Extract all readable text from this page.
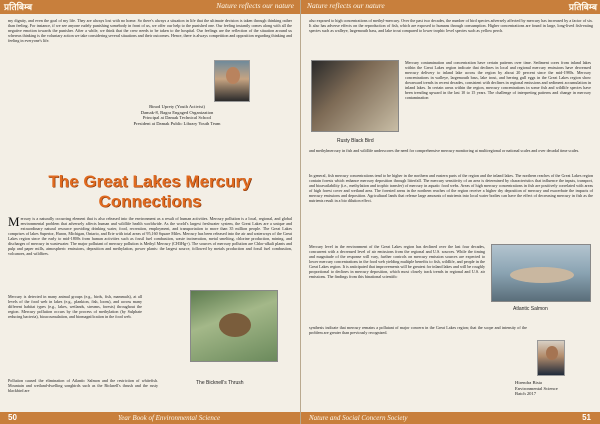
प्रतिबिम्ब	Nature reflects our nature

my dignity, and even the goal of my life. They are always lost with no home. So there's always a situation in life that the ultimate decision is taken through thinking rather than feeling. For instance, if we see anyone rudely punishing somebody in front of us, we offer our help to the punished one. Our feeling instantly comes along with all the negative emotion towards the punisher. After a while, we think that the crew needs to be taken to the hospital. Our feelings are the reflection of the situation around us whereas thinking is the voluntary action we take considering several situations and their outcomes. Hence, there is always competition and opposition regarding thinking and feeling in everyone's life.

Binod Uprety (Youth Activist)
Damak-8, Bagra Engaged Organization
Principal at Damak Technical School
President at Damak Public Library Youth Team
The Great Lakes Mercury Connections

Mercury is a naturally occurring element that is also released into the environment as a result of human activities. Mercury pollution is a local, regional, and global environmental problem that adversely affects human and wildlife health worldwide. As the world's largest freshwater system, the Great Lakes are a unique and extraordinary natural resource providing drinking water, food, recreation, employment, and transportation to more than 35 million people. The Great Lakes comprises of lakes Superior, Huron, Michigan, Ontario, and Erie with total areas of 95,160 Square Miles. Mercury has been released into the air and waterways of the Great Lakes region since the early to mid-1800s from human activities such as fossil fuel combustion, waste incineration, metal smelting, chlorine production, mining, and discharges of mercury in wastewater. The major pollutant of mercury pollution is Methyl Mercury (CH3Hg+). The sources of mercury pollution are Chlor-alkali plants and pulp and paper mills, atmospheric emissions, deposition and methylation, power plants: the largest source, followed by metals production and fossil fuel combustion, volcanoes, and wildfires.

Mercury is detected in many animal groups (e.g., birds, fish, mammals), at all levels of the food web in lakes (e.g., plankton, fish, loons), and across many different habitat types (e.g., lakes, wetlands, streams, forests) throughout the region. Mercury pollution occurs by the process of methylation (by Sulphate reducing bacteria), bioaccumulation, and biomagnification in the food web.

Pollution caused the elimination of Atlantic Salmon and the restriction of whitefish. Mountain and wetland-dwelling songbirds such as the Bicknell's thrush and the rusty blackbird are

The Bicknell's Thrush
50	Year Book of Environmental Science
Nature reflects our nature	प्रतिबिम्ब

also exposed to high concentrations of methyl-mercury. Over the past two decades, the number of bird species adversely affected by mercury has increased by a factor of six. It also has adverse effects on the reproduction of fish, which are exposed to humans through consumption. Higher concentrations are found in large, long-lived fish-eating species such as walleye, largemouth bass, and lake trout compared to lower trophic level species such as yellow perch.

Rusty Black Bird

Mercury contamination and concentration have certain patterns over time. Sediment cores from inland lakes within the Great Lakes region indicate that declines in local and regional mercury emissions have decreased mercury delivery to inland lake across the region by about 20 percent since the mid-1980s. Mercury concentrations in walleye, largemouth bass, lake trout, and herring gull eggs in the Great Lakes region show downward trends in recent decades, consistent with declines in regional emissions and sediment accumulation in inland lakes. In certain areas within the region, mercury concentrations in some fish and wildlife species have been trending upward in the last 10 to 15 years. The challenge of interpreting patterns and change in mercury contamination

and methylmercury in fish and wildlife underscores the need for comprehensive mercury monitoring at multiregional or national scales and over decadal time scales.

In general, fish mercury concentrations tend to be higher in the northern and eastern parts of the region and the inland lakes. The northern reaches of the Great Lakes region contain forests which enhance mercury deposition through litterfall. The mercury sensitivity of an area is determined by characteristics that influence the inputs, transport, and bioavailability (i.e., methylation and trophic transfer) of mercury in aquatic food webs. Areas of high mercury concentrations in fish are positively correlated with areas of high forest cover and wetland area. The forested areas in the northern reaches of the region receive a higher dry deposition of mercury and exacerbate the impacts of mercury emissions and deposition. Agricultural lands that release large amounts of nutrients into local water bodies can have the effect of decreasing mercury in fish as the nutrients result in a bio dilution effect.

Mercury level in the environment of the Great Lakes region has declined over the last four decades, concurrent with a decreased level of air emissions from the regional and U.S. sources. While the timing and magnitude of the response will vary, further controls on mercury emission sources are expected to lower mercury concentrations in the food web yielding multiple benefits to fish, wildlife, and people in the Great Lakes region. It is anticipated that improvements will be greatest for inland lakes and will be roughly proportional to declines in mercury deposition, which most closely track trends in regional and U.S. air emissions. The findings from this binational scientific

Atlantic Salmon

synthesis indicate that mercury remains a pollutant of major concern in the Great Lakes region; that the scope and intensity of the problem are greater than previously recognized.

Hirendra Bista
Environmental Science
Batch 2017
Nature and Social Concern Society	51
